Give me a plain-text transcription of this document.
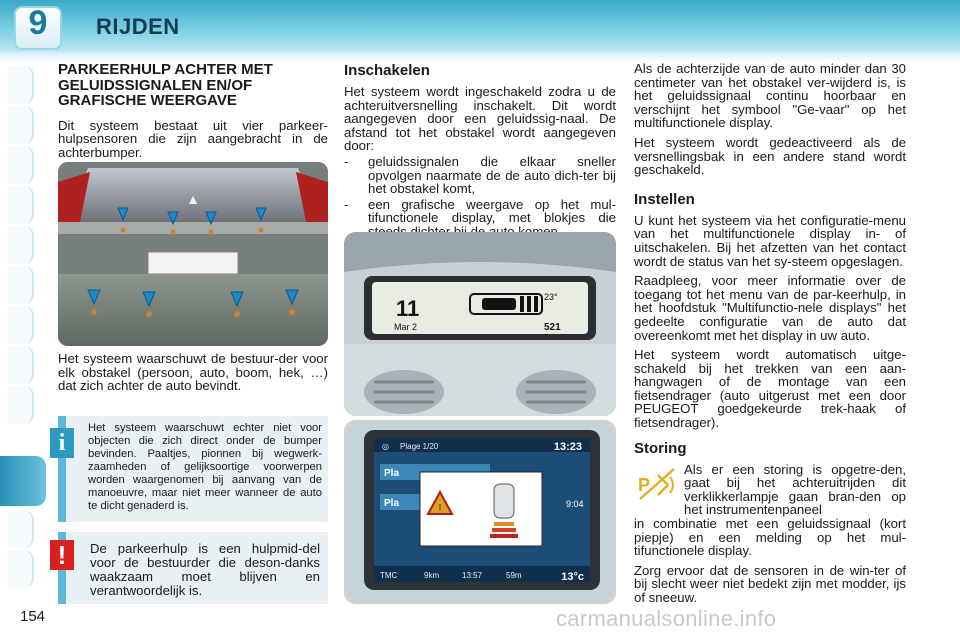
9	RIJDEN
PARKEERHULP ACHTER MET GELUIDSSIGNALEN EN/OF GRAFISCHE WEERGAVE

Dit systeem bestaat uit vier parkeer-hulpsensoren die zijn aangebracht in de achterbumper.

▲

Het systeem waarschuwt de bestuur-der voor elk obstakel (persoon, auto, boom, hek, …) dat zich achter de auto bevindt.

Het systeem waarschuwt echter niet voor objecten die zich direct onder de bumper bevinden. Paaltjes, pionnen bij wegwerk-zaamheden of gelijksoortige voorwerpen worden waargenomen bij aanvang van de manoeuvre, maar niet meer wanneer de auto te dicht genaderd is.

i

De parkeerhulp is een hulpmid-del voor de bestuurder die deson-danks waakzaam moet blijven en verantwoordelijk is.

!
Inschakelen

Het systeem wordt ingeschakeld zodra u de achteruitversnelling inschakelt. Dit wordt aangegeven door een geluidssig-naal. De afstand tot het obstakel wordt aangegeven door:

-	geluidssignalen die elkaar sneller opvolgen naarmate de de auto dich-ter bij het obstakel komt,
-	een grafische weergave op het mul-tifunctionele display, met blokjes die
11
Mar 2
23°
521
◎ Plage 1/20	13:23
Pla
Pla	9:04
!
TMC	9km	13:57	59m	13°c

Als de achterzijde van de auto minder dan 30 centimeter van het obstakel ver-wijderd is, is het geluidssignaal continu hoorbaar en verschijnt het symbool "Ge-vaar" op het multifunctionele display.

Het systeem wordt gedeactiveerd als de versnellingsbak in een andere stand wordt geschakeld.

Instellen

U kunt het systeem via het configuratie-menu van het multifunctionele display in- of uitschakelen. Bij het afzetten van het contact wordt de status van het sy-steem opgeslagen.

Raadpleeg, voor meer informatie over de toegang tot het menu van de par-keerhulp, in het hoofdstuk "Multifunctio-nele displays" het gedeelte configuratie van de auto dat overeenkomt met het display in uw auto.

Het systeem wordt automatisch uitge-schakeld bij het trekken van een aan-hangwagen of de montage van een fietsendrager (auto uitgerust met een door PEUGEOT goedgekeurde trek-haak of fietsendrager).

Storing
P

Als er een storing is opgetre-den, gaat bij het achteruitrijden dit verklikkerlampje gaan bran-den op het instrumentenpaneel

in combinatie met een geluidssignaal (kort piepje) en een melding op het mul-tifunctionele display.

Zorg ervoor dat de sensoren in de win-ter of bij slecht weer niet bedekt zijn met modder, ijs of sneeuw.

154	carmanualsonline.info
